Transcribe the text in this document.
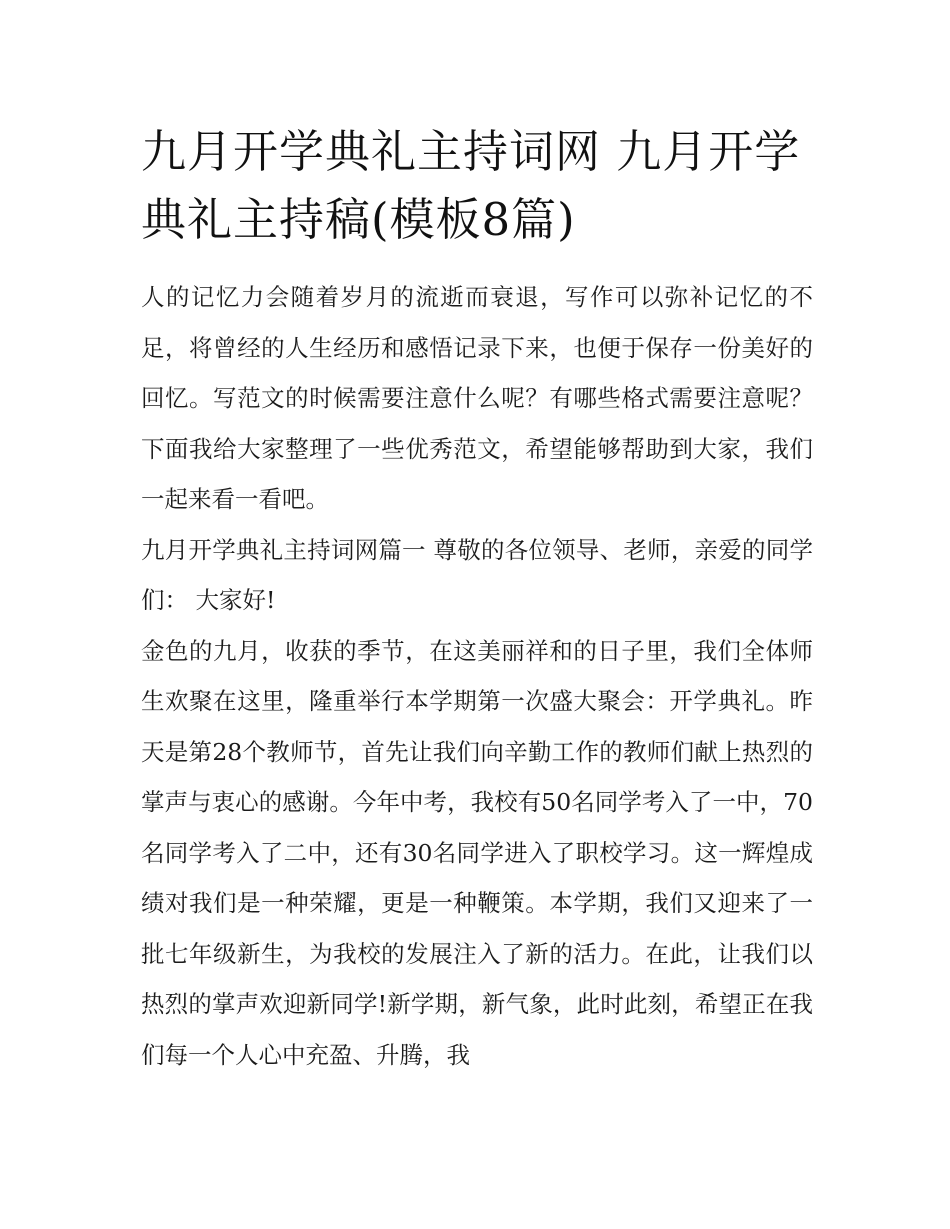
九月开学典礼主持词网 九月开学典礼主持稿(模板8篇)

人的记忆力会随着岁月的流逝而衰退，写作可以弥补记忆的不足，将曾经的人生经历和感悟记录下来，也便于保存一份美好的回忆。写范文的时候需要注意什么呢？有哪些格式需要注意呢？下面我给大家整理了一些优秀范文，希望能够帮助到大家，我们一起来看一看吧。

九月开学典礼主持词网篇一 尊敬的各位领导、老师，亲爱的同学们： 大家好!

金色的九月，收获的季节，在这美丽祥和的日子里，我们全体师生欢聚在这里，隆重举行本学期第一次盛大聚会：开学典礼。昨天是第28个教师节，首先让我们向辛勤工作的教师们献上热烈的掌声与衷心的感谢。今年中考，我校有50名同学考入了一中，70名同学考入了二中，还有30名同学进入了职校学习。这一辉煌成绩对我们是一种荣耀，更是一种鞭策。本学期，我们又迎来了一批七年级新生，为我校的发展注入了新的活力。在此，让我们以热烈的掌声欢迎新同学!新学期，新气象，此时此刻，希望正在我们每一个人心中充盈、升腾，我
